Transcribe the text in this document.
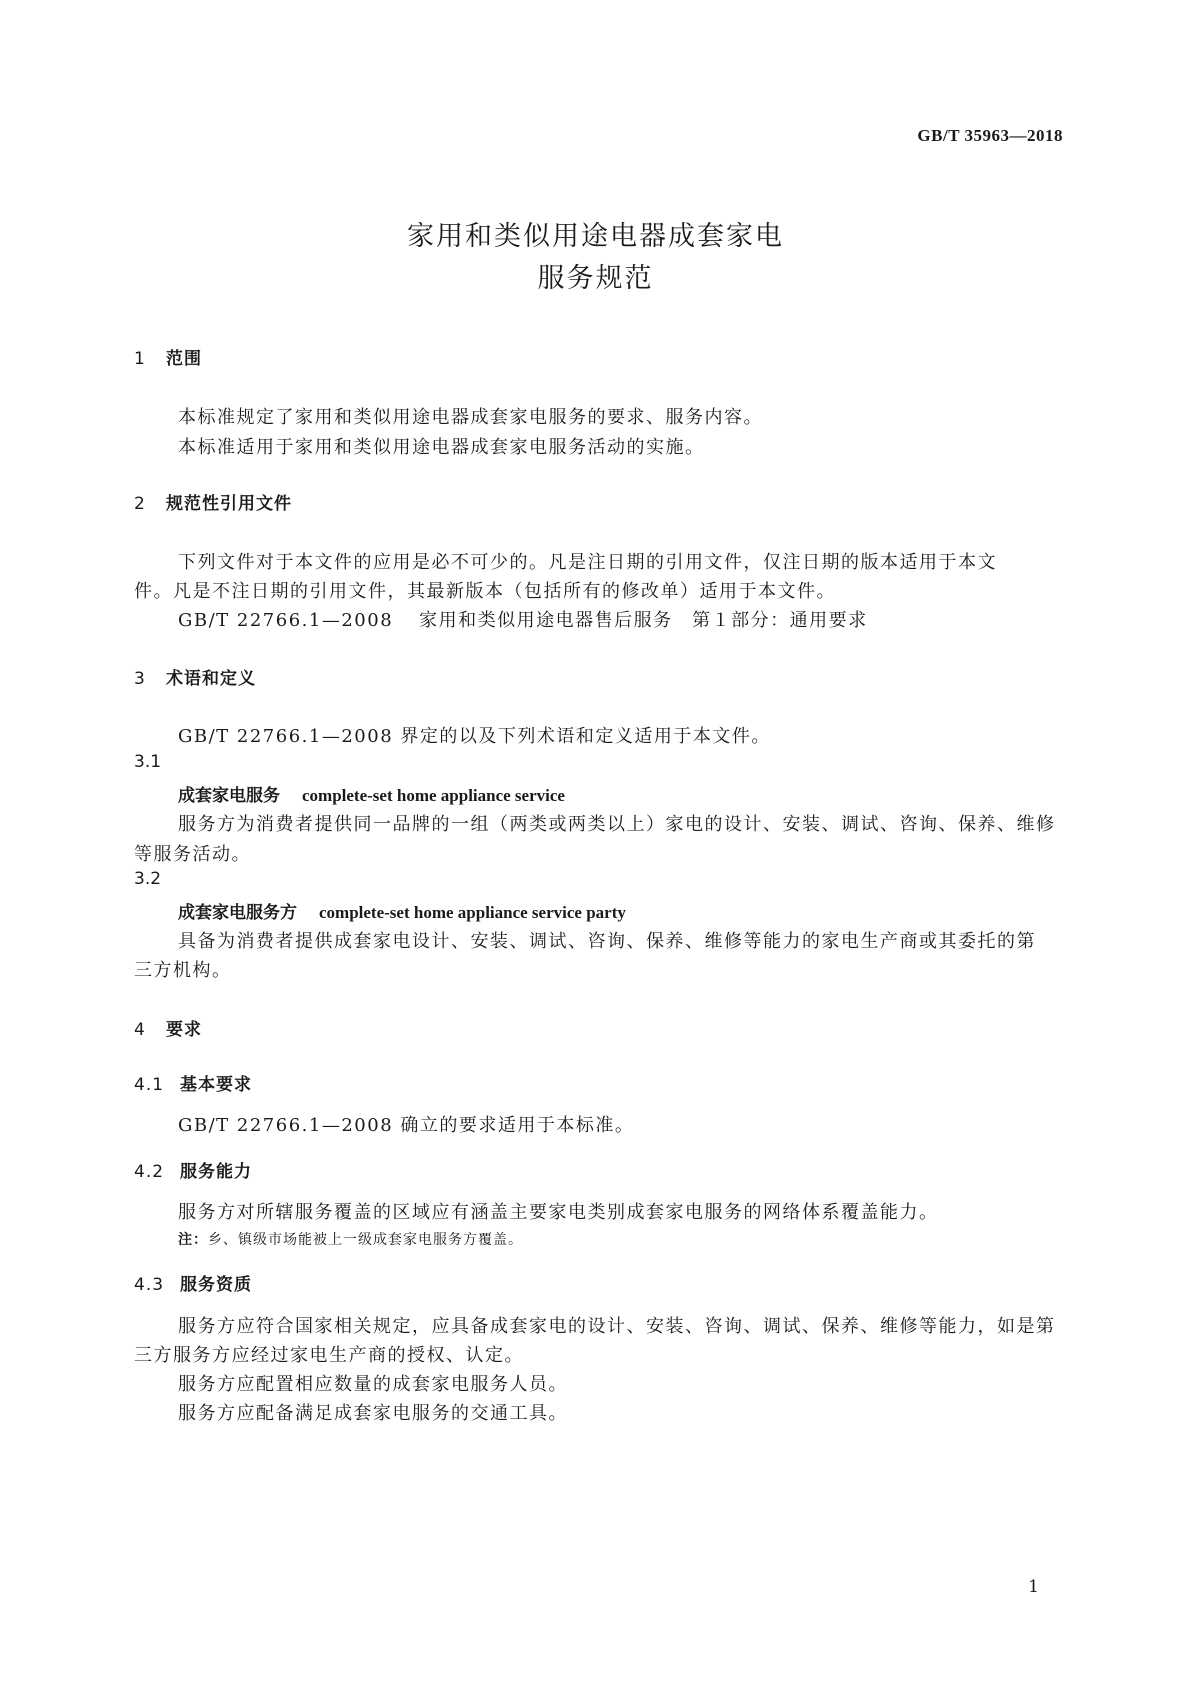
GB/T 35963—2018
家用和类似用途电器成套家电
服务规范
1 范围
本标准规定了家用和类似用途电器成套家电服务的要求、服务内容。
本标准适用于家用和类似用途电器成套家电服务活动的实施。
2 规范性引用文件
下列文件对于本文件的应用是必不可少的。凡是注日期的引用文件，仅注日期的版本适用于本文
件。凡是不注日期的引用文件，其最新版本（包括所有的修改单）适用于本文件。
GB/T 22766.1—2008 家用和类似用途电器售后服务　第１部分：通用要求
3 术语和定义
GB/T 22766.1—2008 界定的以及下列术语和定义适用于本文件。
3.1
成套家电服务 complete-set home appliance service
服务方为消费者提供同一品牌的一组（两类或两类以上）家电的设计、安装、调试、咨询、保养、维修
等服务活动。
3.2
成套家电服务方 complete-set home appliance service party
具备为消费者提供成套家电设计、安装、调试、咨询、保养、维修等能力的家电生产商或其委托的第
三方机构。
4 要求
4.1 基本要求
GB/T 22766.1—2008 确立的要求适用于本标准。
4.2 服务能力
服务方对所辖服务覆盖的区域应有涵盖主要家电类别成套家电服务的网络体系覆盖能力。
注：乡、镇级市场能被上一级成套家电服务方覆盖。
4.3 服务资质
服务方应符合国家相关规定，应具备成套家电的设计、安装、咨询、调试、保养、维修等能力，如是第
三方服务方应经过家电生产商的授权、认定。
服务方应配置相应数量的成套家电服务人员。
服务方应配备满足成套家电服务的交通工具。
1
